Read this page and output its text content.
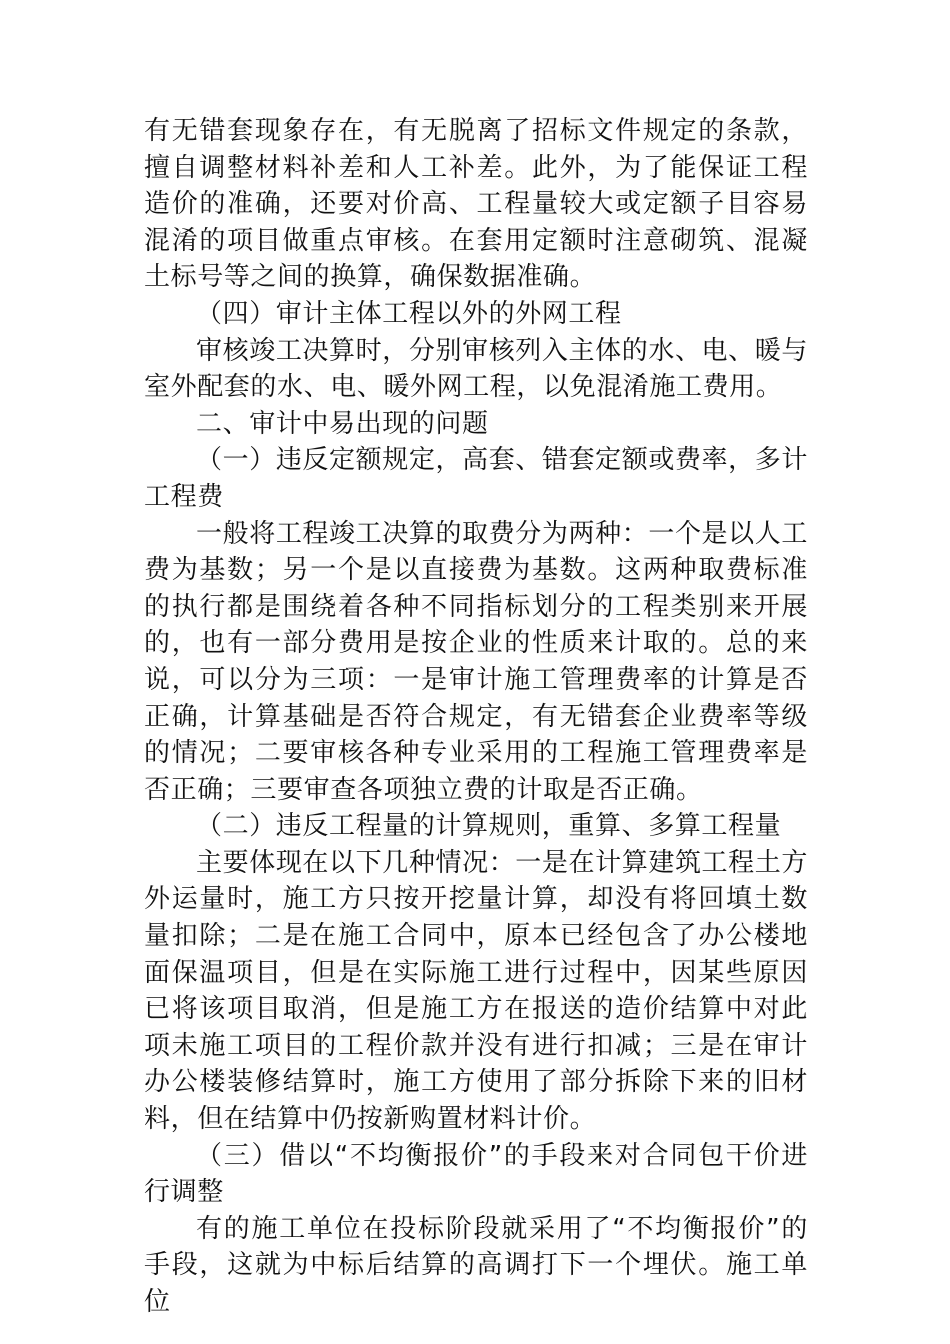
有无错套现象存在，有无脱离了招标文件规定的条款，擅自调整材料补差和人工补差。此外，为了能保证工程造价的准确，还要对价高、工程量较大或定额子目容易混淆的项目做重点审核。在套用定额时注意砌筑、混凝土标号等之间的换算，确保数据准确。

（四）审计主体工程以外的外网工程

审核竣工决算时，分别审核列入主体的水、电、暖与室外配套的水、电、暖外网工程，以免混淆施工费用。

二、审计中易出现的问题

（一）违反定额规定，高套、错套定额或费率，多计工程费

一般将工程竣工决算的取费分为两种：一个是以人工费为基数；另一个是以直接费为基数。这两种取费标准的执行都是围绕着各种不同指标划分的工程类别来开展的，也有一部分费用是按企业的性质来计取的。总的来说，可以分为三项：一是审计施工管理费率的计算是否正确，计算基础是否符合规定，有无错套企业费率等级的情况；二要审核各种专业采用的工程施工管理费率是否正确；三要审查各项独立费的计取是否正确。

（二）违反工程量的计算规则，重算、多算工程量

主要体现在以下几种情况：一是在计算建筑工程土方外运量时，施工方只按开挖量计算，却没有将回填土数量扣除；二是在施工合同中，原本已经包含了办公楼地面保温项目，但是在实际施工进行过程中，因某些原因已将该项目取消，但是施工方在报送的造价结算中对此项未施工项目的工程价款并没有进行扣减；三是在审计办公楼装修结算时，施工方使用了部分拆除下来的旧材料，但在结算中仍按新购置材料计价。

（三）借以“不均衡报价”的手段来对合同包干价进行调整

有的施工单位在投标阶段就采用了“不均衡报价”的手段，这就为中标后结算的高调打下一个埋伏。施工单位
